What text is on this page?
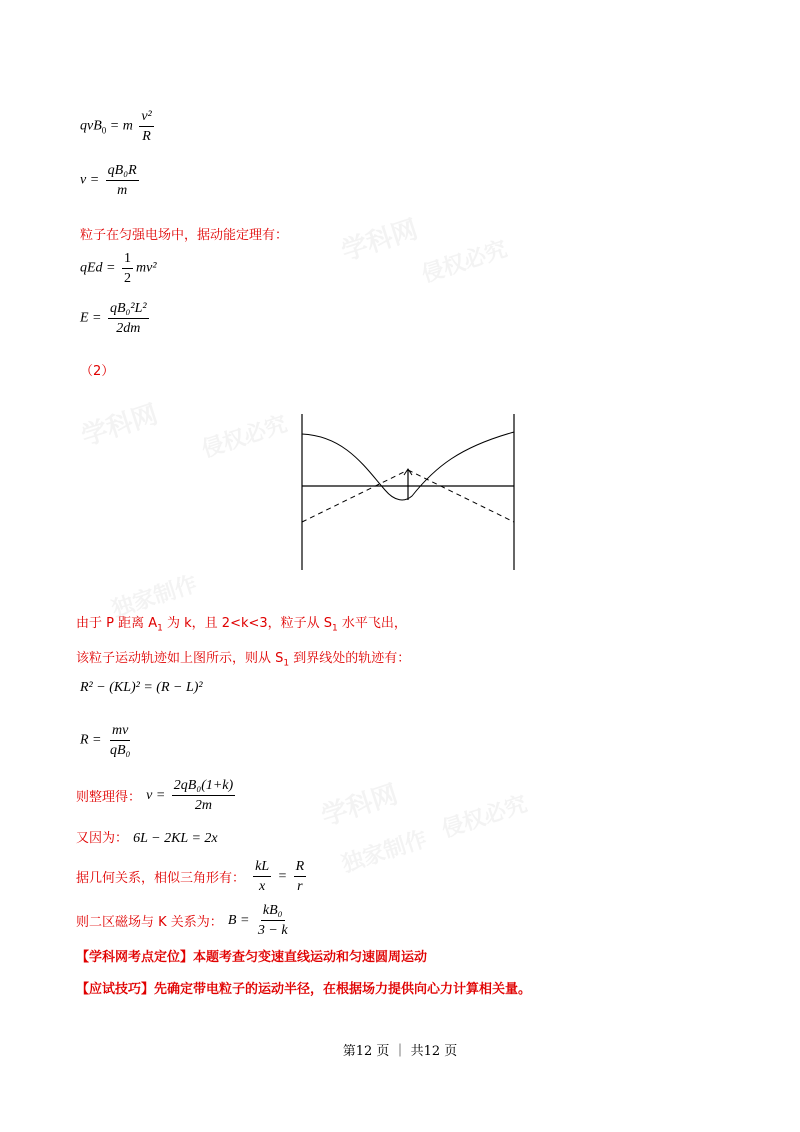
学科网
侵权必究
学科网 侵权必究
独家制作
学科网 侵权必究
独家制作
qvB$_0$ = m $\frac{\text{v²}}{R}$
$v = \frac{\text{qB₀R}}{m}$
粒子在匀强电场中，据动能定理有：
qEd = $\frac{1}{2} mv^2$
$E = \frac{\text{qB₀²L²}}{2dm}$
（2）
由于 P 距离 $A_1$ 为 k，且 2<k<3，粒子从 $S_1$ 水平飞出，
该粒子运动轨迹如上图所示，则从 $S_1$ 到界线处的轨迹有：
R² − (KL)² = (R − L)²
$R = \frac{mv}{\text{qB₀}}$
则整理得： $v = \frac{\text{2qB₀(1+k)}}{2m}$
又因为： 6L − 2KL = 2x
据几何关系，相似三角形有： $\frac{kL}{x} = \frac{R}{r}$
则二区磁场与 K 关系为： $B = \frac{\text{kB₀}}{3 - k}$
【学科网考点定位】本题考查匀变速直线运动和匀速圆周运动
【应试技巧】先确定带电粒子的运动半径，在根据场力提供向心力计算相关量。
第12 页 ｜ 共12 页
